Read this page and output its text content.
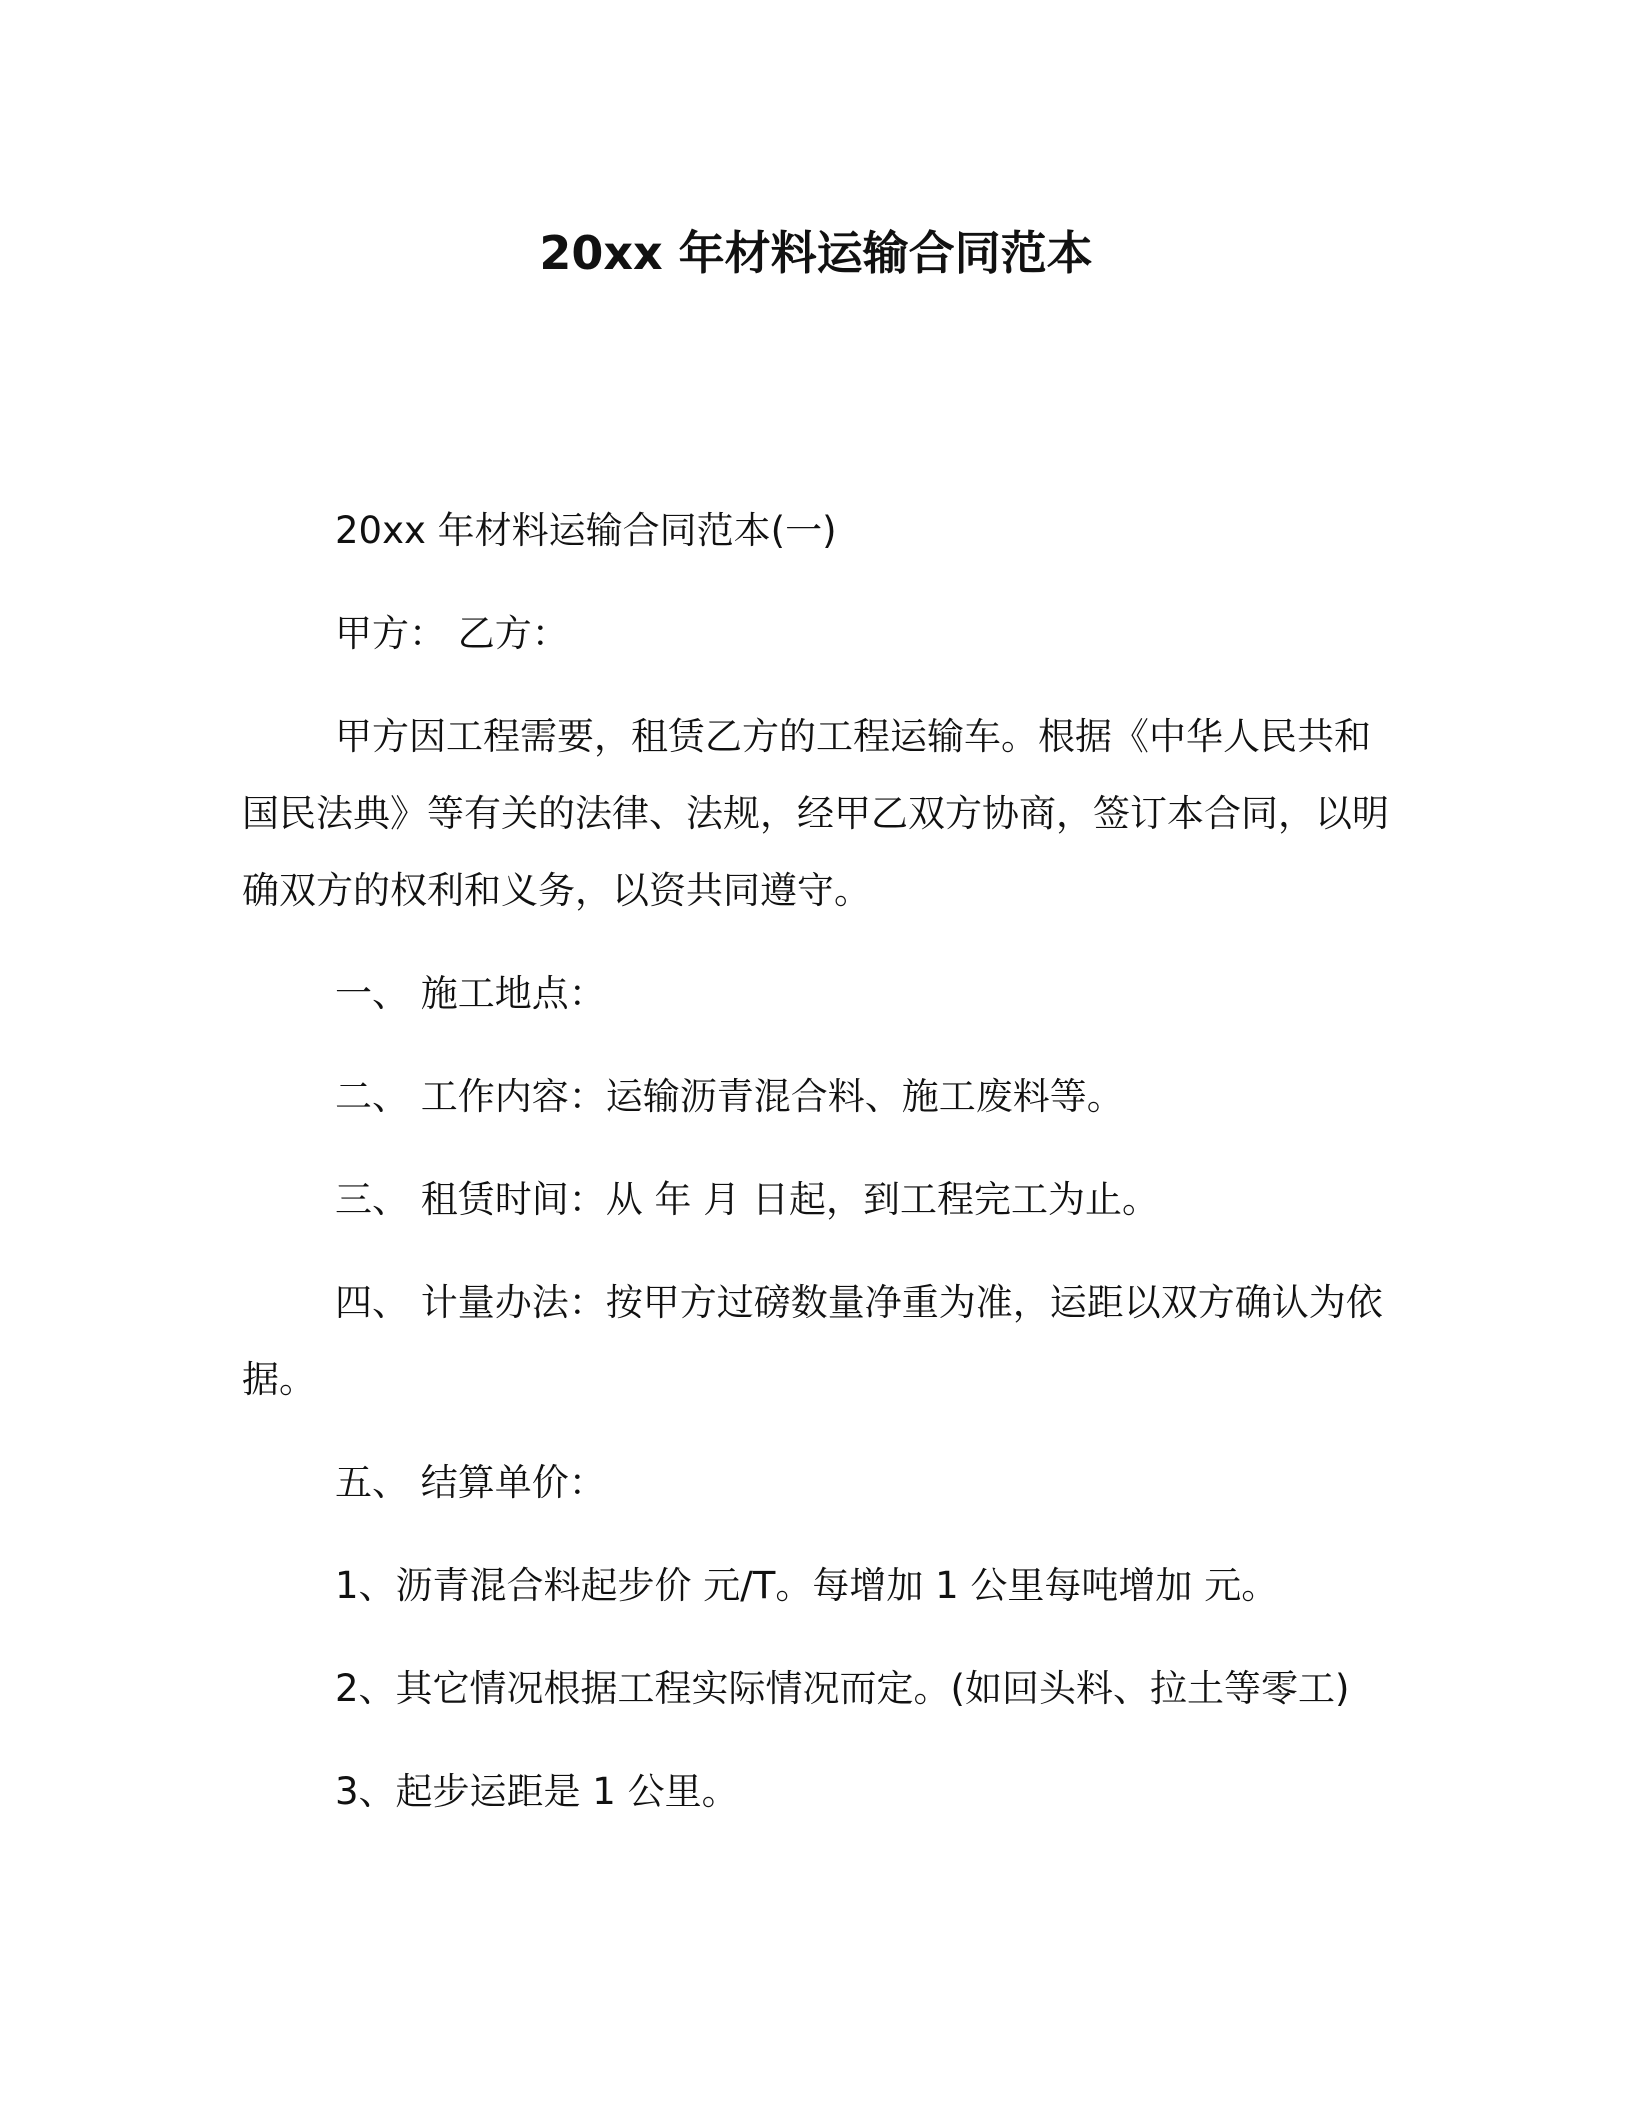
20xx 年材料运输合同范本

20xx 年材料运输合同范本(一)

甲方： 乙方：

甲方因工程需要，租赁乙方的工程运输车。根据《中华人民共和国民法典》等有关的法律、法规，经甲乙双方协商，签订本合同，以明确双方的权利和义务，以资共同遵守。

一、 施工地点：

二、 工作内容：运输沥青混合料、施工废料等。

三、 租赁时间：从 年 月 日起，到工程完工为止。

四、 计量办法：按甲方过磅数量净重为准，运距以双方确认为依据。

五、 结算单价：

1、沥青混合料起步价 元/T。每增加 1 公里每吨增加 元。

2、其它情况根据工程实际情况而定。(如回头料、拉土等零工)

3、起步运距是 1 公里。
